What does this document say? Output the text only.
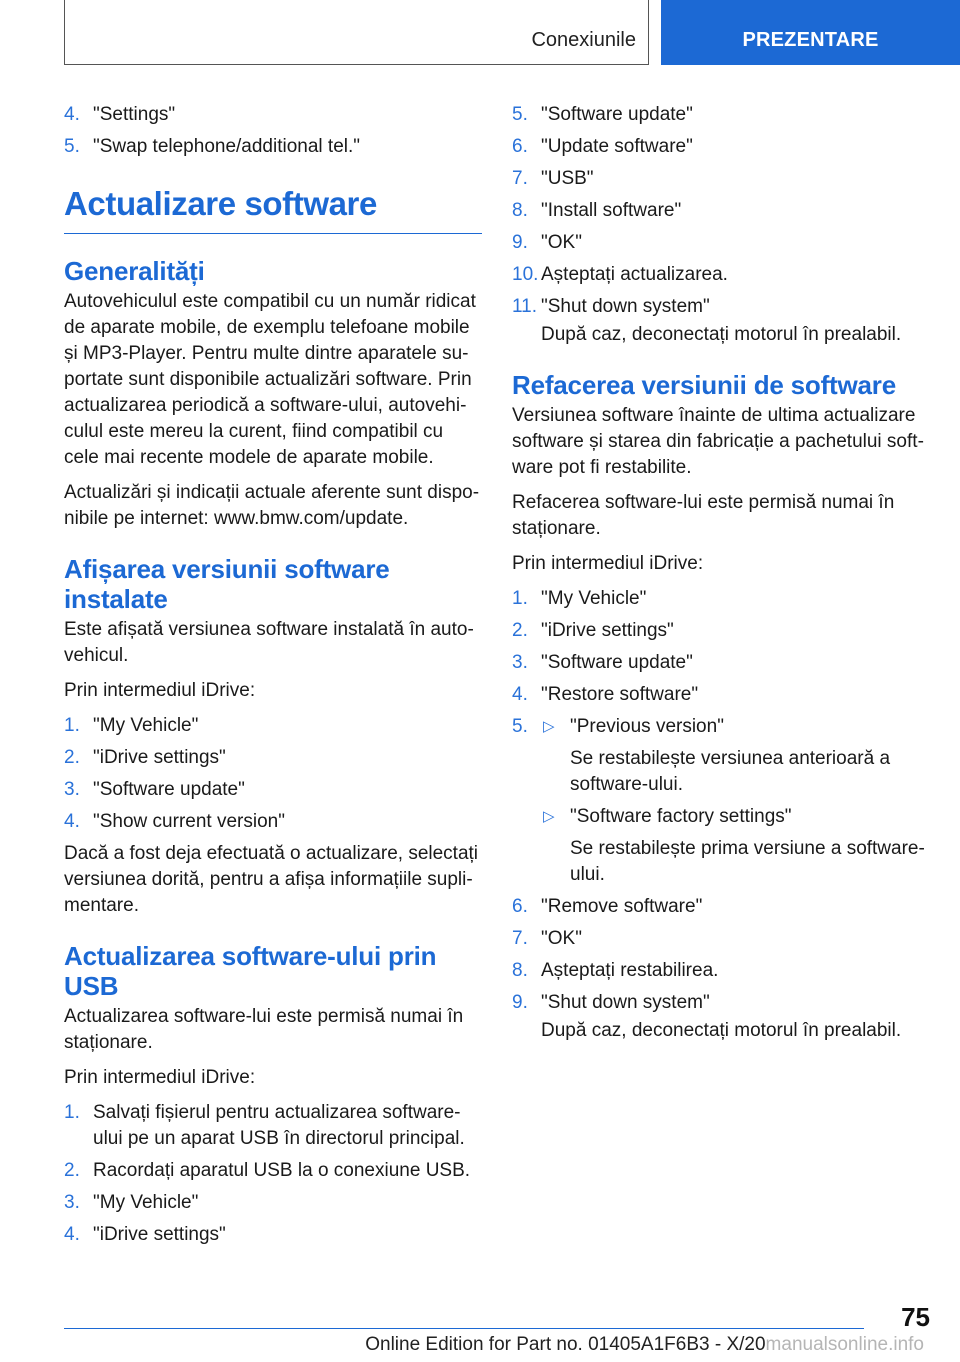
Conexiunile	PREZENTARE
4. "Settings"
5. "Swap telephone/additional tel."
Actualizare software
Generalități

Autovehiculul este compatibil cu un număr ridicat de aparate mobile, de exemplu telefoane mobile și MP3-Player. Pentru multe dintre aparatele suportate sunt disponibile actualizări software. Prin actualizarea periodică a software-ului, autovehiculul este mereu la curent, fiind compatibil cu cele mai recente modele de aparate mobile.

Actualizări și indicații actuale aferente sunt disponibile pe internet: www.bmw.com/update.

Afișarea versiunii software instalate

Este afișată versiunea software instalată în autovehicul.

Prin intermediul iDrive:

1. "My Vehicle"
2. "iDrive settings"
3. "Software update"
4. "Show current version"

Dacă a fost deja efectuată o actualizare, selectați versiunea dorită, pentru a afișa informațiile suplimentare.

Actualizarea software-ului prin USB

Actualizarea software-lui este permisă numai în staționare.

Prin intermediul iDrive:

1. Salvați fișierul pentru actualizarea software-ului pe un aparat USB în directorul principal.
2. Racordați aparatul USB la o conexiune USB.
3. "My Vehicle"
4. "iDrive settings"
5. "Software update"
6. "Update software"
7. "USB"
8. "Install software"
9. "OK"
10. Așteptați actualizarea.
11. "Shut down system"
După caz, deconectați motorul în prealabil.
Refacerea versiunii de software

Versiunea software înainte de ultima actualizare software și starea din fabricație a pachetului software pot fi restabilite.

Refacerea software-lui este permisă numai în staționare.

Prin intermediul iDrive:

1. "My Vehicle"
2. "iDrive settings"
3. "Software update"
4. "Restore software"
5. ▷ "Previous version"
Se restabilește versiunea anterioară a software-ului.
▷ "Software factory settings"
Se restabilește prima versiune a software-ului.
6. "Remove software"
7. "OK"
8. Așteptați restabilirea.
9. "Shut down system"
După caz, deconectați motorul în prealabil.
75
Online Edition for Part no. 01405A1F6B3 - X/20manualsonline.info
